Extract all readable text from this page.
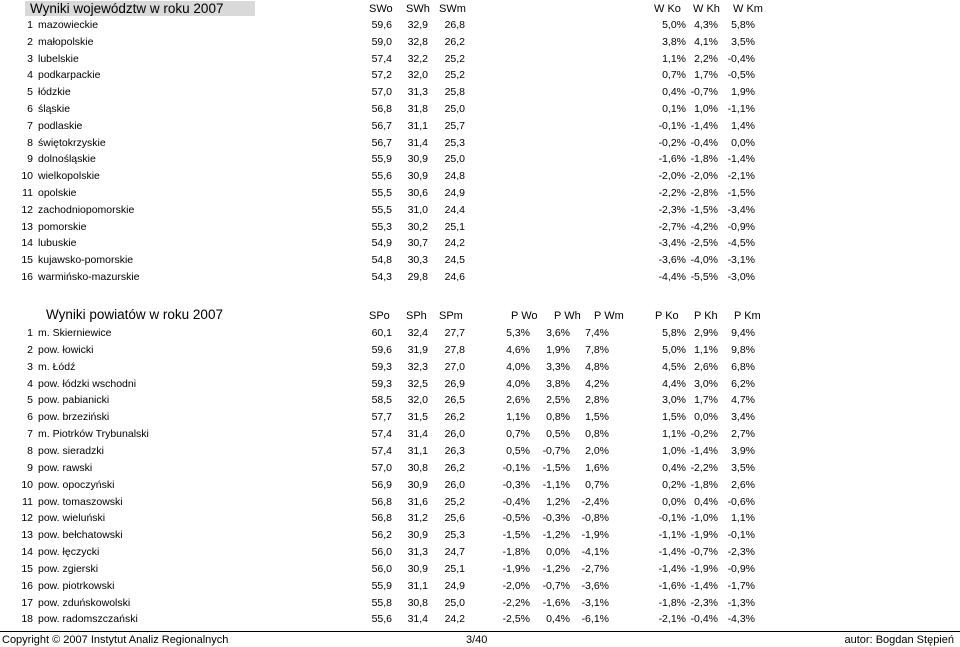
Wyniki województw w roku 2007	SWo SWh SWm	W Ko W Kh W Km
1 mazowieckie	59,6 32,9 26,8	5,0% 4,3% 5,8%
2 małopolskie	59,0 32,8 26,2	3,8% 4,1% 3,5%
3 lubelskie	57,4 32,2 25,2	1,1% 2,2% -0,4%
4 podkarpackie	57,2 32,0 25,2	0,7% 1,7% -0,5%
5 łódzkie	57,0 31,3 25,8	0,4% -0,7% 1,9%
6 śląskie	56,8 31,8 25,0	0,1% 1,0% -1,1%
7 podlaskie	56,7 31,1 25,7	-0,1% -1,4% 1,4%
8 świętokrzyskie	56,7 31,4 25,3	-0,2% -0,4% 0,0%
9 dolnośląskie	55,9 30,9 25,0	-1,6% -1,8% -1,4%
10 wielkopolskie	55,6 30,9 24,8	-2,0% -2,0% -2,1%
11 opolskie	55,5 30,6 24,9	-2,2% -2,8% -1,5%
12 zachodniopomorskie	55,5 31,0 24,4	-2,3% -1,5% -3,4%
13 pomorskie	55,3 30,2 25,1	-2,7% -4,2% -0,9%
14 lubuskie	54,9 30,7 24,2	-3,4% -2,5% -4,5%
15 kujawsko-pomorskie	54,8 30,3 24,5	-3,6% -4,0% -3,1%
16 warmińsko-mazurskie	54,3 29,8 24,6	-4,4% -5,5% -3,0%
Wyniki powiatów w roku 2007	SPo SPh SPm	P Wo P Wh P Wm	P Ko P Kh P Km
1 m. Skierniewice	60,1 32,4 27,7	5,3% 3,6% 7,4%	5,8% 2,9% 9,4%
2 pow. łowicki	59,6 31,9 27,8	4,6% 1,9% 7,8%	5,0% 1,1% 9,8%
3 m. Łódź	59,3 32,3 27,0	4,0% 3,3% 4,8%	4,5% 2,6% 6,8%
4 pow. łódzki wschodni	59,3 32,5 26,9	4,0% 3,8% 4,2%	4,4% 3,0% 6,2%
5 pow. pabianicki	58,5 32,0 26,5	2,6% 2,5% 2,8%	3,0% 1,7% 4,7%
6 pow. brzeziński	57,7 31,5 26,2	1,1% 0,8% 1,5%	1,5% 0,0% 3,4%
7 m. Piotrków Trybunalski	57,4 31,4 26,0	0,7% 0,5% 0,8%	1,1% -0,2% 2,7%
8 pow. sieradzki	57,4 31,1 26,3	0,5% -0,7% 2,0%	1,0% -1,4% 3,9%
9 pow. rawski	57,0 30,8 26,2	-0,1% -1,5% 1,6%	0,4% -2,2% 3,5%
10 pow. opoczyński	56,9 30,9 26,0	-0,3% -1,1% 0,7%	0,2% -1,8% 2,6%
11 pow. tomaszowski	56,8 31,6 25,2	-0,4% 1,2% -2,4%	0,0% 0,4% -0,6%
12 pow. wieluński	56,8 31,2 25,6	-0,5% -0,3% -0,8%	-0,1% -1,0% 1,1%
13 pow. bełchatowski	56,2 30,9 25,3	-1,5% -1,2% -1,9%	-1,1% -1,9% -0,1%
14 pow. łęczycki	56,0 31,3 24,7	-1,8% 0,0% -4,1%	-1,4% -0,7% -2,3%
15 pow. zgierski	56,0 30,9 25,1	-1,9% -1,2% -2,7%	-1,4% -1,9% -0,9%
16 pow. piotrkowski	55,9 31,1 24,9	-2,0% -0,7% -3,6%	-1,6% -1,4% -1,7%
17 pow. zduńskowolski	55,8 30,8 25,0	-2,2% -1,6% -3,1%	-1,8% -2,3% -1,3%
18 pow. radomszczański	55,6 31,4 24,2	-2,5% 0,4% -6,1%	-2,1% -0,4% -4,3%
Copyright © 2007 Instytut Analiz Regionalnych	3/40	autor: Bogdan Stępień
